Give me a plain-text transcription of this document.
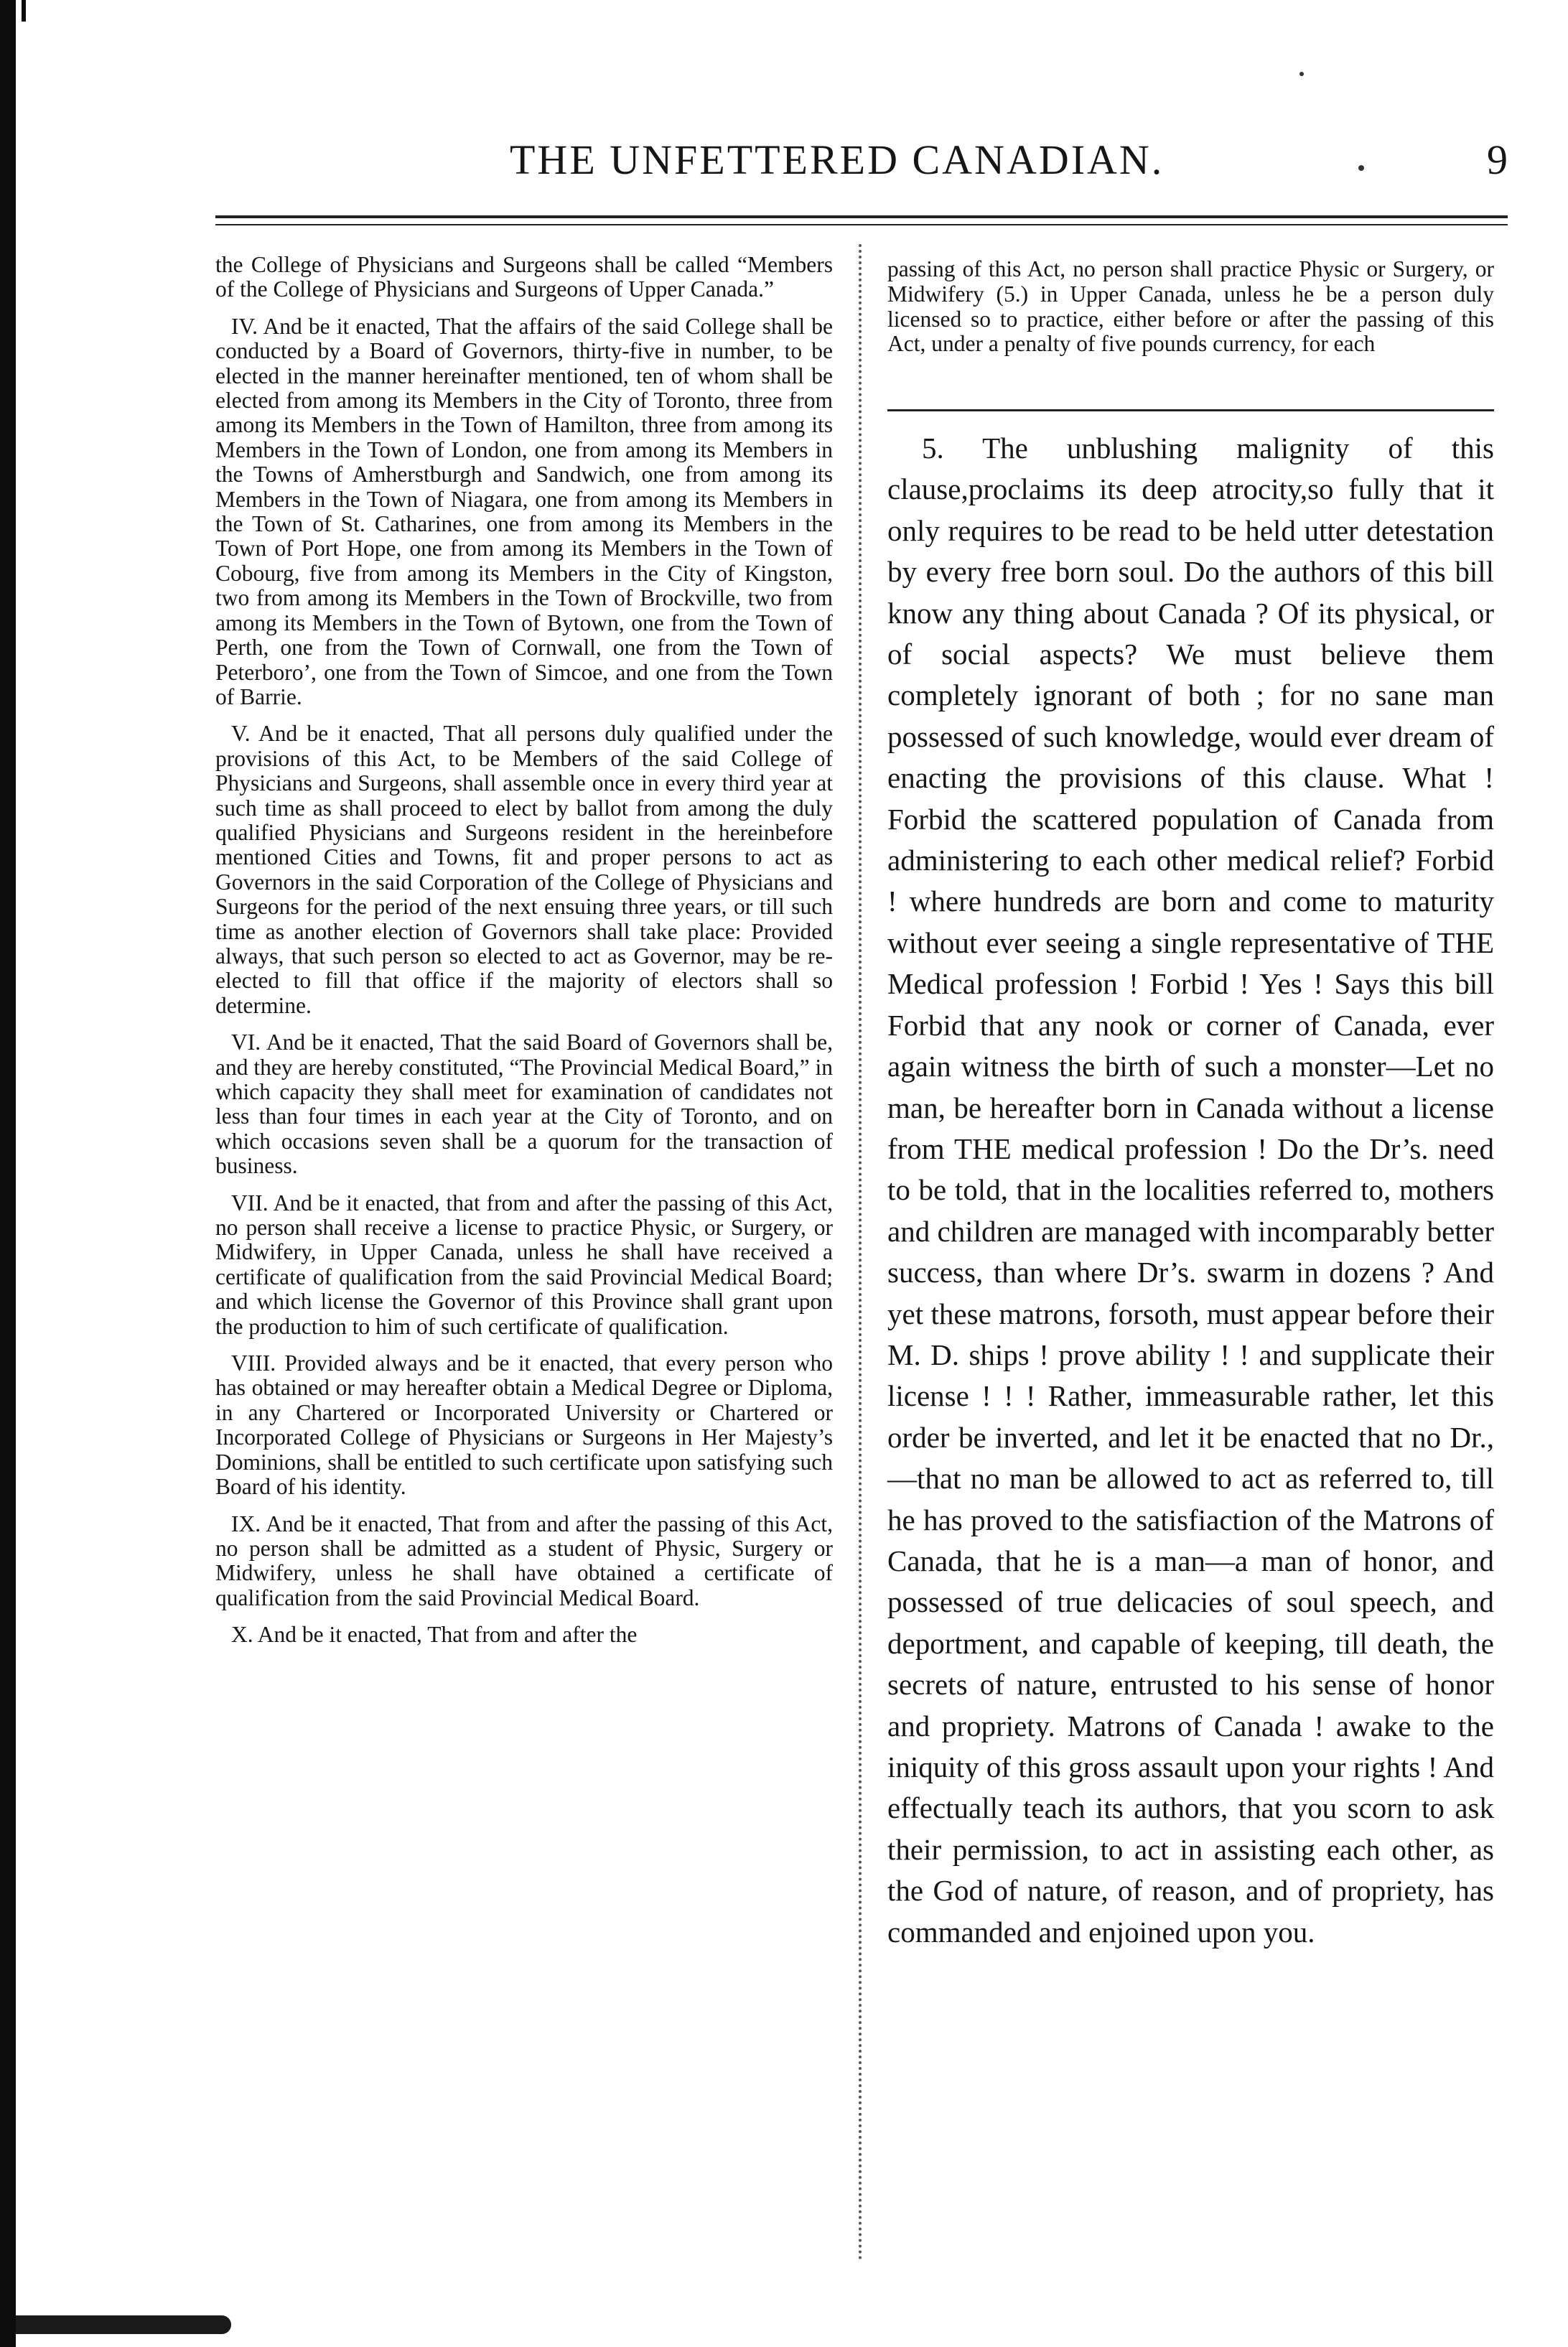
THE UNFETTERED CANADIAN.	9

the College of Physicians and Surgeons shall be called “Members of the College of Physicians and Surgeons of Upper Canada.”

IV. And be it enacted, That the affairs of the said College shall be conducted by a Board of Governors, thirty-five in number, to be elected in the manner hereinafter mentioned, ten of whom shall be elected from among its Members in the City of Toronto, three from among its Members in the Town of Hamilton, three from among its Members in the Town of London, one from among its Members in the Towns of Amherstburgh and Sandwich, one from among its Members in the Town of Niagara, one from among its Members in the Town of St. Catharines, one from among its Members in the Town of Port Hope, one from among its Members in the Town of Cobourg, five from among its Members in the City of Kingston, two from among its Members in the Town of Brockville, two from among its Members in the Town of Bytown, one from the Town of Perth, one from the Town of Cornwall, one from the Town of Peterboro’, one from the Town of Simcoe, and one from the Town of Barrie.

V. And be it enacted, That all persons duly qualified under the provisions of this Act, to be Members of the said College of Physicians and Surgeons, shall assemble once in every third year at such time as shall proceed to elect by ballot from among the duly qualified Physicians and Surgeons resident in the hereinbefore mentioned Cities and Towns, fit and proper persons to act as Governors in the said Corporation of the College of Physicians and Surgeons for the period of the next ensuing three years, or till such time as another election of Governors shall take place: Provided always, that such person so elected to act as Governor, may be re-elected to fill that office if the majority of electors shall so determine.

VI. And be it enacted, That the said Board of Governors shall be, and they are hereby constituted, “The Provincial Medical Board,” in which capacity they shall meet for examination of candidates not less than four times in each year at the City of Toronto, and on which occasions seven shall be a quorum for the transaction of business.

VII. And be it enacted, that from and after the passing of this Act, no person shall receive a license to practice Physic, or Surgery, or Midwifery, in Upper Canada, unless he shall have received a certificate of qualification from the said Provincial Medical Board; and which license the Governor of this Province shall grant upon the production to him of such certificate of qualification.

VIII. Provided always and be it enacted, that every person who has obtained or may hereafter obtain a Medical Degree or Diploma, in any Chartered or Incorporated University or Chartered or Incorporated College of Physicians or Surgeons in Her Majesty’s Dominions, shall be entitled to such certificate upon satisfying such Board of his identity.

IX. And be it enacted, That from and after the passing of this Act, no person shall be admitted as a student of Physic, Surgery or Midwifery, unless he shall have obtained a certificate of qualification from the said Provincial Medical Board.

X. And be it enacted, That from and after the

passing of this Act, no person shall practice Physic or Surgery, or Midwifery (5.) in Upper Canada, unless he be a person duly licensed so to practice, either before or after the passing of this Act, under a penalty of five pounds currency, for each

5. The unblushing malignity of this clause,proclaims its deep atrocity,so fully that it only requires to be read to be held utter detestation by every free born soul. Do the authors of this bill know any thing about Canada ? Of its physical, or of social aspects? We must believe them completely ignorant of both ; for no sane man possessed of such knowledge, would ever dream of enacting the provisions of this clause. What ! Forbid the scattered population of Canada from administering to each other medical relief? Forbid ! where hundreds are born and come to maturity without ever seeing a single representative of THE Medical profession ! Forbid ! Yes ! Says this bill Forbid that any nook or corner of Canada, ever again witness the birth of such a monster—Let no man, be hereafter born in Canada without a license from THE medical profession ! Do the Dr’s. need to be told, that in the localities referred to, mothers and children are managed with incomparably better success, than where Dr’s. swarm in dozens ? And yet these matrons, forsoth, must appear before their M. D. ships ! prove ability ! ! and supplicate their license ! ! ! Rather, immeasurable rather, let this order be inverted, and let it be enacted that no Dr.,—that no man be allowed to act as referred to, till he has proved to the satisfiaction of the Matrons of Canada, that he is a man—a man of honor, and possessed of true delicacies of soul speech, and deportment, and capable of keeping, till death, the secrets of nature, entrusted to his sense of honor and propriety. Matrons of Canada ! awake to the iniquity of this gross assault upon your rights ! And effectually teach its authors, that you scorn to ask their permission, to act in assisting each other, as the God of nature, of reason, and of propriety, has commanded and enjoined upon you.
